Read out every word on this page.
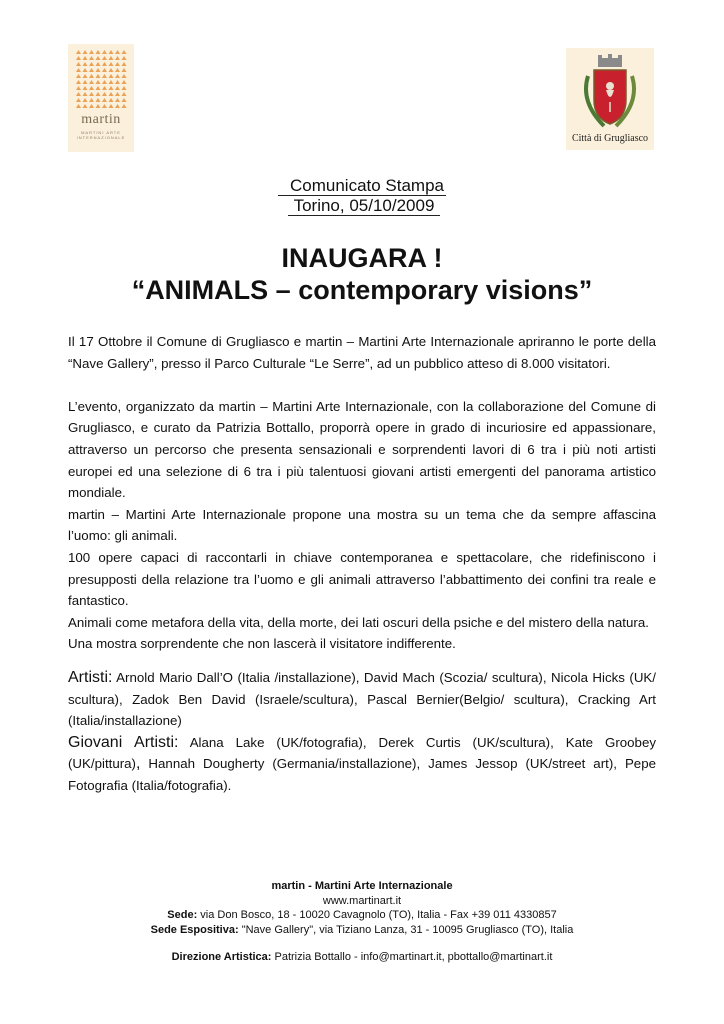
martin
MARTINI ARTE
INTERNAZIONALE	Città di Grugliasco
Comunicato Stampa
Torino, 05/10/2009
INAUGARA !
“ANIMALS – contemporary visions”

Il 17 Ottobre il Comune di Grugliasco e martin – Martini Arte Internazionale apriranno le porte della “Nave Gallery”, presso il Parco Culturale “Le Serre”, ad un pubblico atteso di 8.000 visitatori.

L’evento, organizzato da martin – Martini Arte Internazionale, con la collaborazione del Comune di Grugliasco, e curato da Patrizia Bottallo, proporrà opere in grado di incuriosire ed appassionare, attraverso un percorso che presenta sensazionali e sorprendenti lavori di 6 tra i più noti artisti europei ed una selezione di 6 tra i più talentuosi giovani artisti emergenti del panorama artistico mondiale.

martin – Martini Arte Internazionale propone una mostra su un tema che da sempre affascina l’uomo: gli animali.

100 opere capaci di raccontarli in chiave contemporanea e spettacolare, che ridefiniscono i presupposti della relazione tra l’uomo e gli animali attraverso l’abbattimento dei confini tra reale e fantastico.

Animali come metafora della vita, della morte, dei lati oscuri della psiche e del mistero della natura.

Una mostra sorprendente che non lascerà il visitatore indifferente.

Artisti: Arnold Mario Dall’O (Italia /installazione), David Mach (Scozia/ scultura), Nicola Hicks (UK/ scultura), Zadok Ben David (Israele/scultura), Pascal Bernier(Belgio/ scultura), Cracking Art (Italia/installazione)

Giovani Artisti: Alana Lake (UK/fotografia), Derek Curtis (UK/scultura), Kate Groobey (UK/pittura), Hannah Dougherty (Germania/installazione), James Jessop (UK/street art), Pepe Fotografia (Italia/fotografia).

martin - Martini Arte Internazionale
www.martinart.it
Sede: via Don Bosco, 18 - 10020 Cavagnolo (TO), Italia - Fax +39 011 4330857
Sede Espositiva: "Nave Gallery", via Tiziano Lanza, 31 - 10095 Grugliasco (TO), Italia
Direzione Artistica: Patrizia Bottallo - info@martinart.it, pbottallo@martinart.it
